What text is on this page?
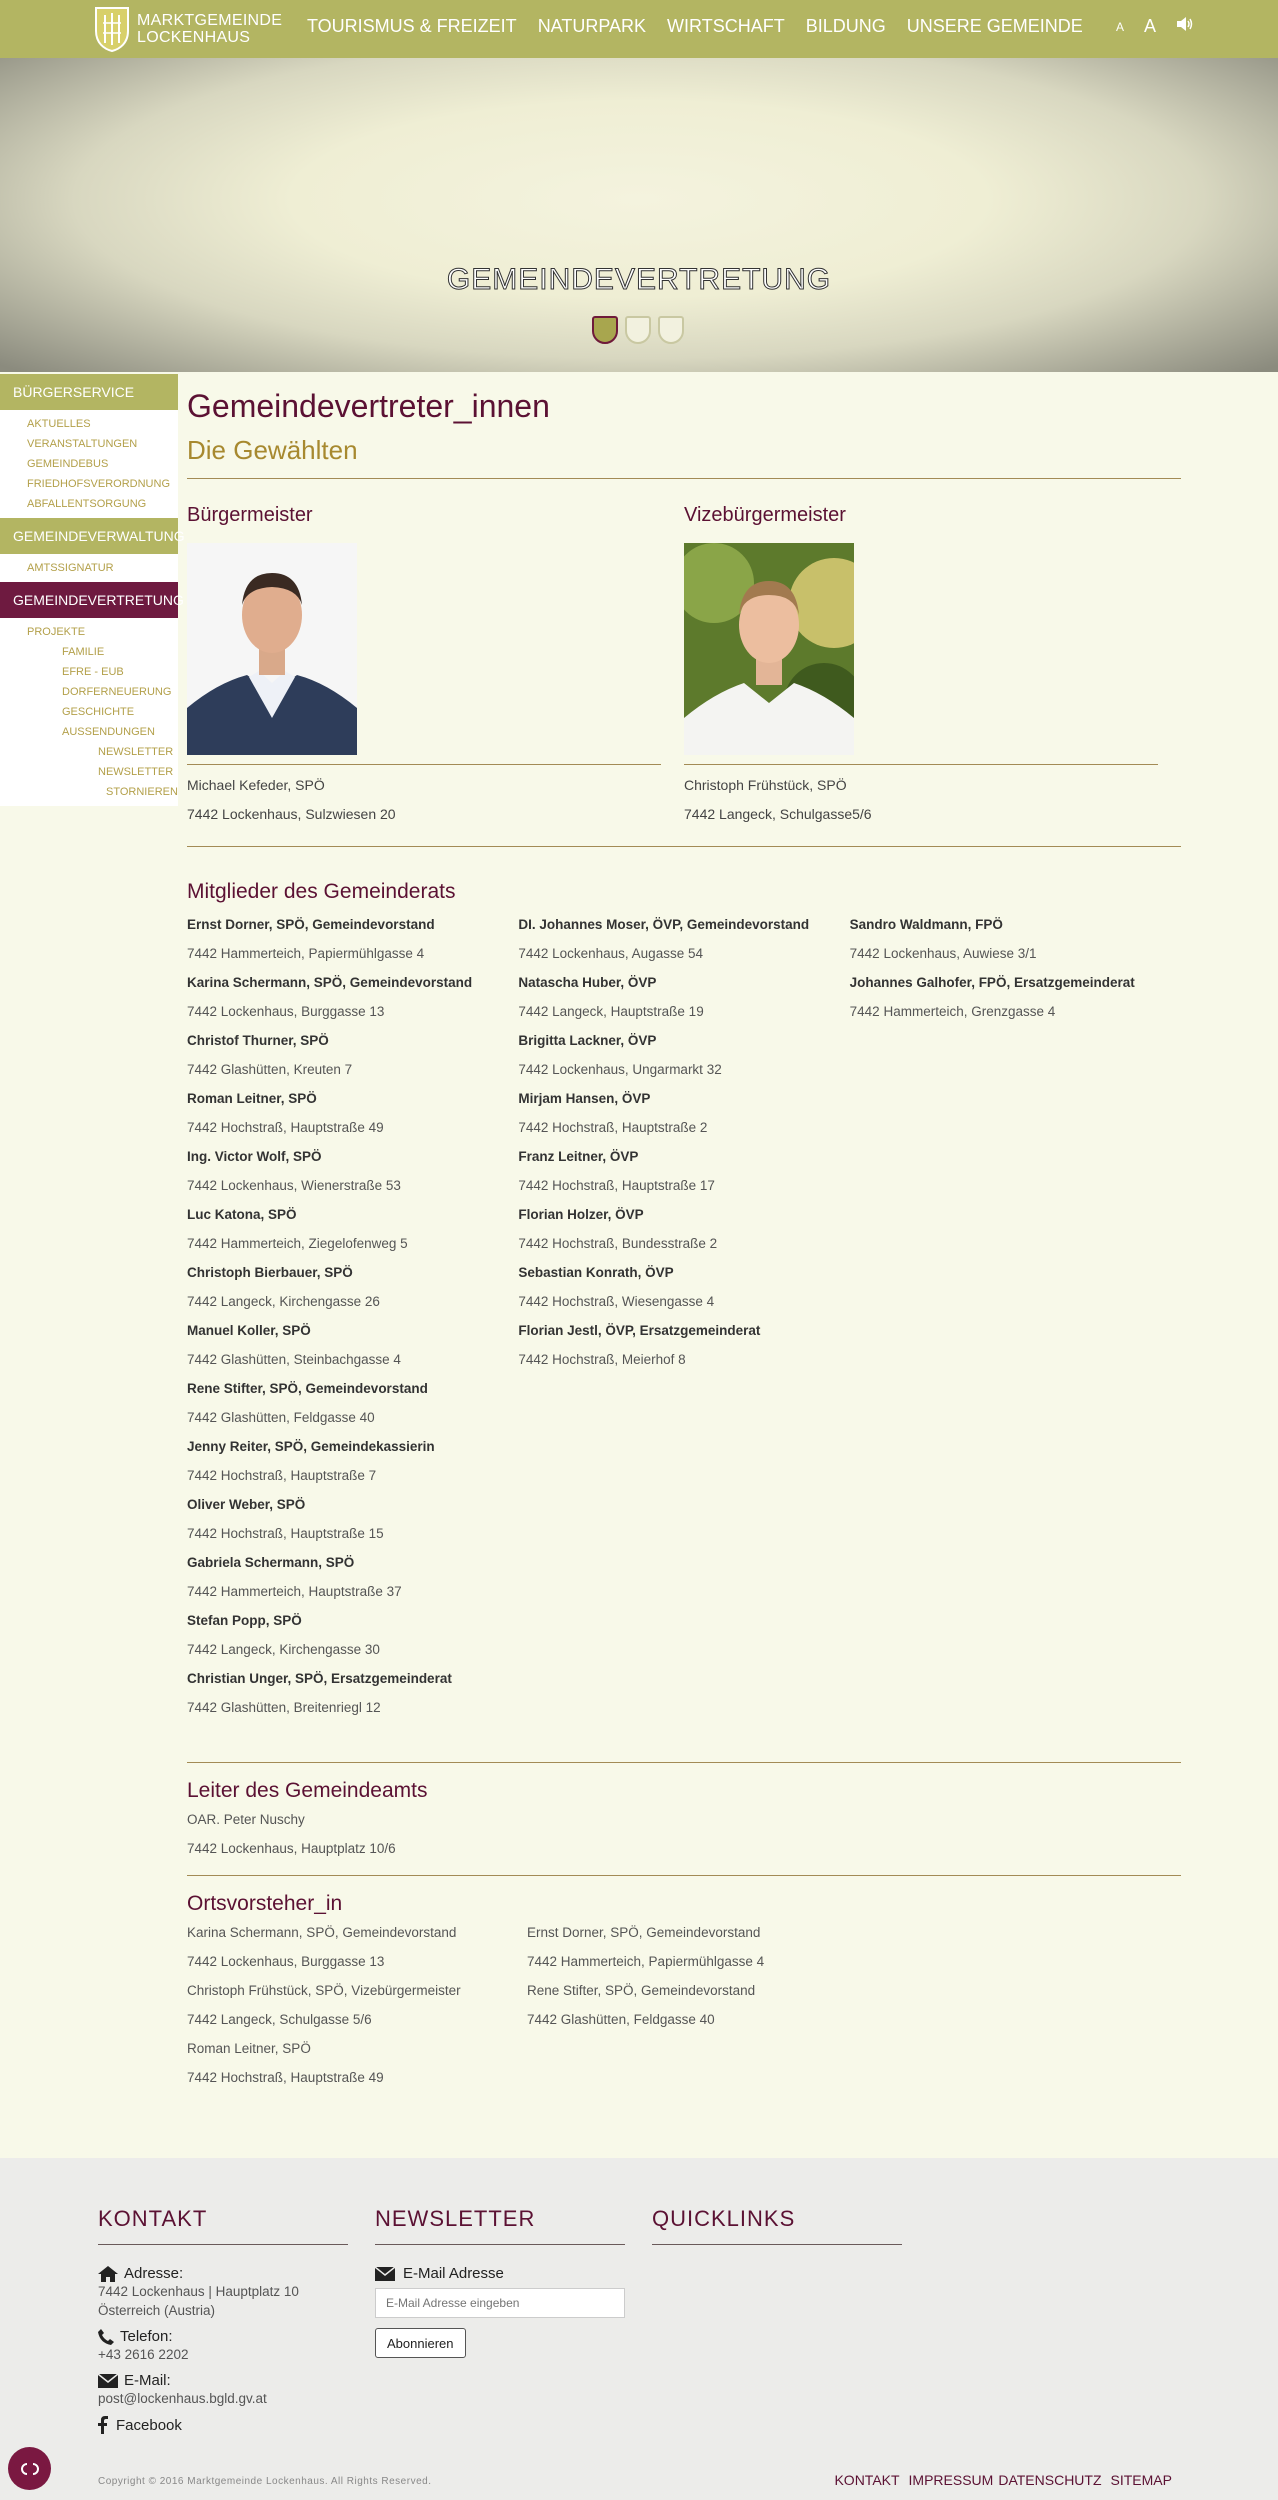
MARKTGEMEINDE
LOCKENHAUS
TOURISMUS & FREIZEIT NATURPARK WIRTSCHAFT BILDUNG UNSERE GEMEINDE	A A
GEMEINDEVERTRETUNG
BÜRGERSERVICE
AKTUELLES
VERANSTALTUNGEN
GEMEINDEBUS
FRIEDHOFSVERORDNUNG
ABFALLENTSORGUNG
GEMEINDEVERWALTUNG
AMTSSIGNATUR
GEMEINDEVERTRETUNG
PROJEKTE
FAMILIE
EFRE - EUB
DORFERNEUERUNG
GESCHICHTE
AUSSENDUNGEN
NEWSLETTER
NEWSLETTER
STORNIEREN
Gemeindevertreter_innen
Die Gewählten
Bürgermeister

Michael Kefeder, SPÖ

7442 Lockenhaus, Sulzwiesen 20

Vizebürgermeister

Christoph Frühstück, SPÖ

7442 Langeck, Schulgasse5/6

Mitglieder des Gemeinderats
Ernst Dorner, SPÖ, Gemeindevorstand
7442 Hammerteich, Papiermühlgasse 4
Karina Schermann, SPÖ, Gemeindevorstand
7442 Lockenhaus, Burggasse 13
Christof Thurner, SPÖ
7442 Glashütten, Kreuten 7
Roman Leitner, SPÖ
7442 Hochstraß, Hauptstraße 49
Ing. Victor Wolf, SPÖ
7442 Lockenhaus, Wienerstraße 53
Luc Katona, SPÖ
7442 Hammerteich, Ziegelofenweg 5
Christoph Bierbauer, SPÖ
7442 Langeck, Kirchengasse 26
Manuel Koller, SPÖ
7442 Glashütten, Steinbachgasse 4
Rene Stifter, SPÖ, Gemeindevorstand
7442 Glashütten, Feldgasse 40
Jenny Reiter, SPÖ, Gemeindekassierin
7442 Hochstraß, Hauptstraße 7
Oliver Weber, SPÖ
7442 Hochstraß, Hauptstraße 15
Gabriela Schermann, SPÖ
7442 Hammerteich, Hauptstraße 37
Stefan Popp, SPÖ
7442 Langeck, Kirchengasse 30
Christian Unger, SPÖ, Ersatzgemeinderat
7442 Glashütten, Breitenriegl 12
DI. Johannes Moser, ÖVP, Gemeindevorstand
7442 Lockenhaus, Augasse 54
Natascha Huber, ÖVP
7442 Langeck, Hauptstraße 19
Brigitta Lackner, ÖVP
7442 Lockenhaus, Ungarmarkt 32
Mirjam Hansen, ÖVP
7442 Hochstraß, Hauptstraße 2
Franz Leitner, ÖVP
7442 Hochstraß, Hauptstraße 17
Florian Holzer, ÖVP
7442 Hochstraß, Bundesstraße 2
Sebastian Konrath, ÖVP
7442 Hochstraß, Wiesengasse 4
Florian Jestl, ÖVP, Ersatzgemeinderat
7442 Hochstraß, Meierhof 8
Sandro Waldmann, FPÖ
7442 Lockenhaus, Auwiese 3/1
Johannes Galhofer, FPÖ, Ersatzgemeinderat
7442 Hammerteich, Grenzgasse 4
Leiter des Gemeindeamts
OAR. Peter Nuschy
7442 Lockenhaus, Hauptplatz 10/6
Ortsvorsteher_in
Karina Schermann, SPÖ, Gemeindevorstand
7442 Lockenhaus, Burggasse 13
Christoph Frühstück, SPÖ, Vizebürgermeister
7442 Langeck, Schulgasse 5/6
Roman Leitner, SPÖ
7442 Hochstraß, Hauptstraße 49
Ernst Dorner, SPÖ, Gemeindevorstand
7442 Hammerteich, Papiermühlgasse 4
Rene Stifter, SPÖ, Gemeindevorstand
7442 Glashütten, Feldgasse 40
KONTAKT
Adresse:
7442 Lockenhaus | Hauptplatz 10
Österreich (Austria)
Telefon:
+43 2616 2202
E-Mail:
post@lockenhaus.bgld.gv.at
Facebook
NEWSLETTER
E-Mail Adresse
E-Mail Adresse eingeben Abonnieren
QUICKLINKS
Copyright © 2016 Marktgemeinde Lockenhaus. All Rights Reserved.	KONTAKT IMPRESSUM DATENSCHUTZ SITEMAP
